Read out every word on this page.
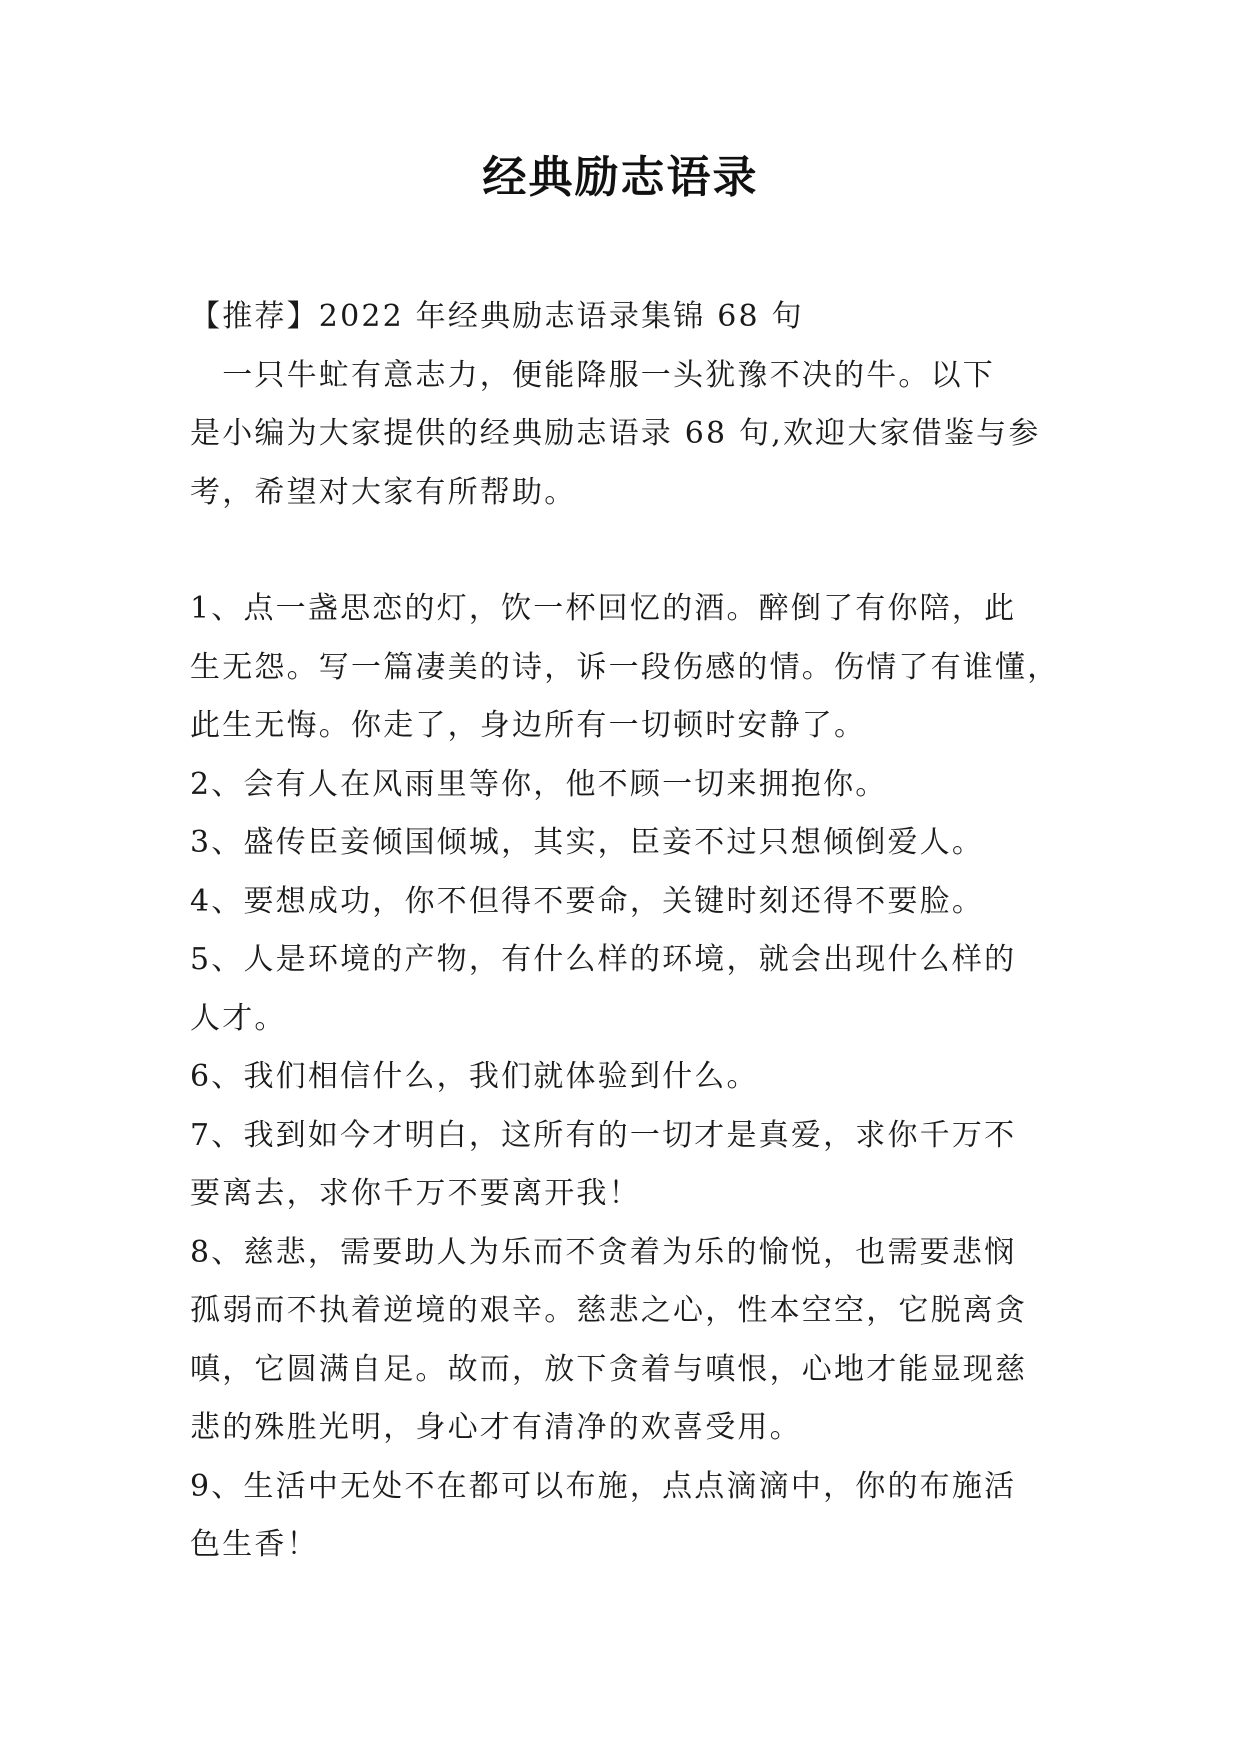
经典励志语录
【推荐】2022 年经典励志语录集锦 68 句
　一只牛虻有意志力，便能降服一头犹豫不决的牛。以下
是小编为大家提供的经典励志语录 68 句,欢迎大家借鉴与参
考，希望对大家有所帮助。
1、点一盏思恋的灯，饮一杯回忆的酒。醉倒了有你陪，此
生无怨。写一篇凄美的诗，诉一段伤感的情。伤情了有谁懂，
此生无悔。你走了，身边所有一切顿时安静了。
2、会有人在风雨里等你，他不顾一切来拥抱你。
3、盛传臣妾倾国倾城，其实，臣妾不过只想倾倒爱人。
4、要想成功，你不但得不要命，关键时刻还得不要脸。
5、人是环境的产物，有什么样的环境，就会出现什么样的
人才。
6、我们相信什么，我们就体验到什么。
7、我到如今才明白，这所有的一切才是真爱，求你千万不
要离去，求你千万不要离开我！
8、慈悲，需要助人为乐而不贪着为乐的愉悦，也需要悲悯
孤弱而不执着逆境的艰辛。慈悲之心，性本空空，它脱离贪
嗔，它圆满自足。故而，放下贪着与嗔恨，心地才能显现慈
悲的殊胜光明，身心才有清净的欢喜受用。
9、生活中无处不在都可以布施，点点滴滴中，你的布施活
色生香！
